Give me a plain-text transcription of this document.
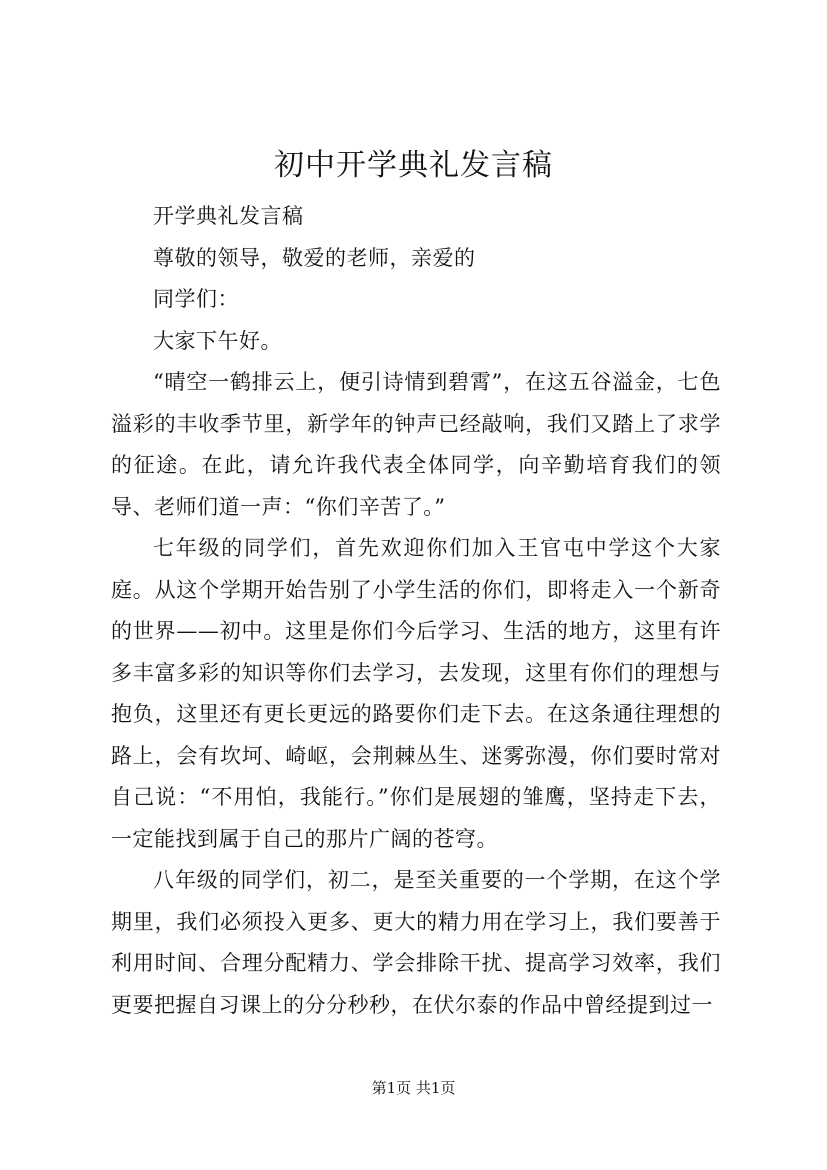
初中开学典礼发言稿

开学典礼发言稿

尊敬的领导，敬爱的老师，亲爱的

同学们：

大家下午好。

“晴空一鹤排云上，便引诗情到碧霄”，在这五谷溢金，七色溢彩的丰收季节里，新学年的钟声已经敲响，我们又踏上了求学的征途。在此，请允许我代表全体同学，向辛勤培育我们的领导、老师们道一声：“你们辛苦了。”

七年级的同学们，首先欢迎你们加入王官屯中学这个大家庭。从这个学期开始告别了小学生活的你们，即将走入一个新奇的世界——初中。这里是你们今后学习、生活的地方，这里有许多丰富多彩的知识等你们去学习，去发现，这里有你们的理想与抱负，这里还有更长更远的路要你们走下去。在这条通往理想的路上，会有坎坷、崎岖，会荆棘丛生、迷雾弥漫，你们要时常对自己说：“不用怕，我能行。”你们是展翅的雏鹰，坚持走下去，一定能找到属于自己的那片广阔的苍穹。

八年级的同学们，初二，是至关重要的一个学期，在这个学期里，我们必须投入更多、更大的精力用在学习上，我们要善于利用时间、合理分配精力、学会排除干扰、提高学习效率，我们更要把握自习课上的分分秒秒，在伏尔泰的作品中曾经提到过一

第1页 共1页
